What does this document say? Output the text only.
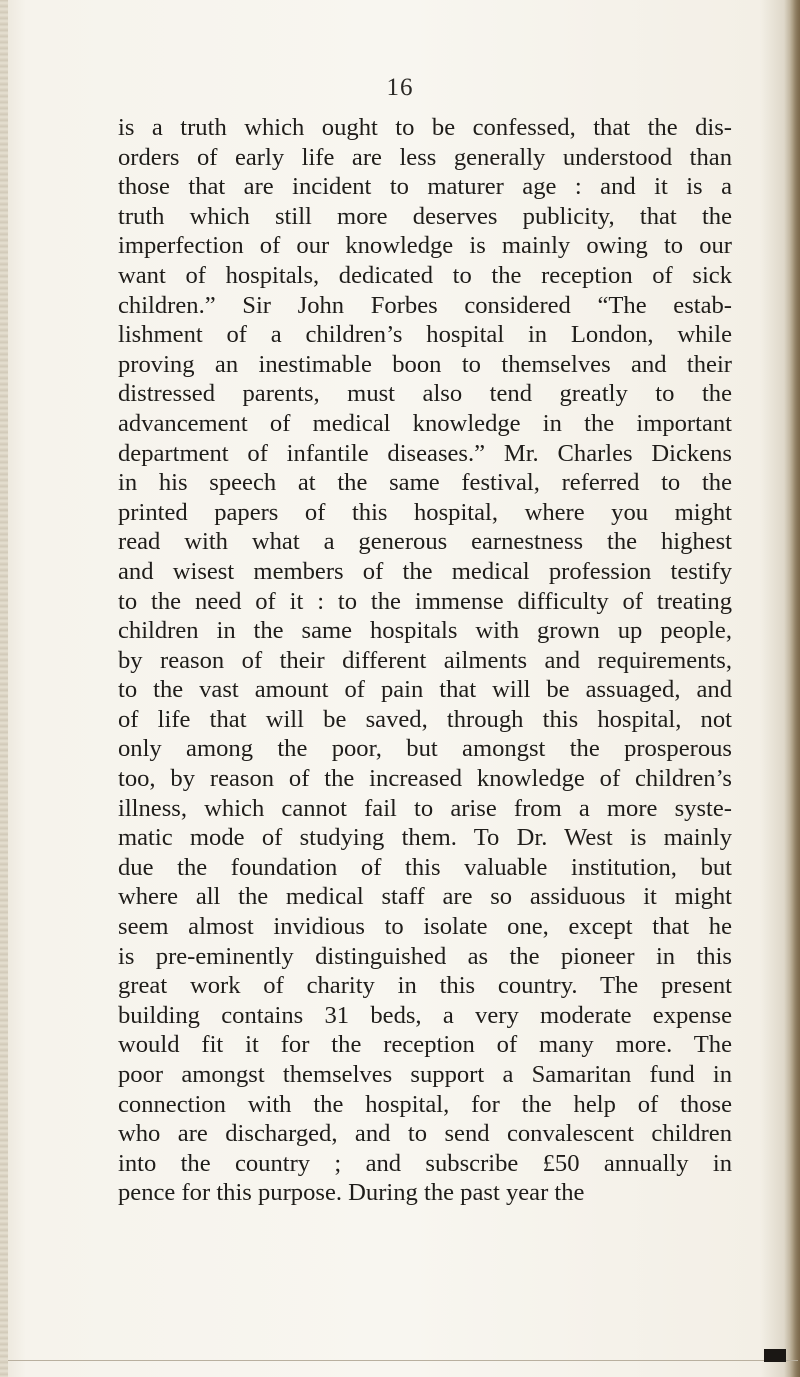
16
is a truth which ought to be confessed, that the dis-
orders of early life are less generally understood than
those that are incident to maturer age : and it is a
truth which still more deserves publicity, that the
imperfection of our knowledge is mainly owing to our
want of hospitals, dedicated to the reception of sick
children.” Sir John Forbes considered “The estab-
lishment of a children’s hospital in London, while
proving an inestimable boon to themselves and their
distressed parents, must also tend greatly to the
advancement of medical knowledge in the important
department of infantile diseases.” Mr. Charles Dickens
in his speech at the same festival, referred to the
printed papers of this hospital, where you might
read with what a generous earnestness the highest
and wisest members of the medical profession testify
to the need of it : to the immense difficulty of treating
children in the same hospitals with grown up people,
by reason of their different ailments and requirements,
to the vast amount of pain that will be assuaged, and
of life that will be saved, through this hospital, not
only among the poor, but amongst the prosperous
too, by reason of the increased knowledge of children’s
illness, which cannot fail to arise from a more syste-
matic mode of studying them. To Dr. West is mainly
due the foundation of this valuable institution, but
where all the medical staff are so assiduous it might
seem almost invidious to isolate one, except that he
is pre-eminently distinguished as the pioneer in this
great work of charity in this country. The present
building contains 31 beds, a very moderate expense
would fit it for the reception of many more. The
poor amongst themselves support a Samaritan fund in
connection with the hospital, for the help of those
who are discharged, and to send convalescent children
into the country ; and subscribe £50 annually in
pence for this purpose. During the past year the
